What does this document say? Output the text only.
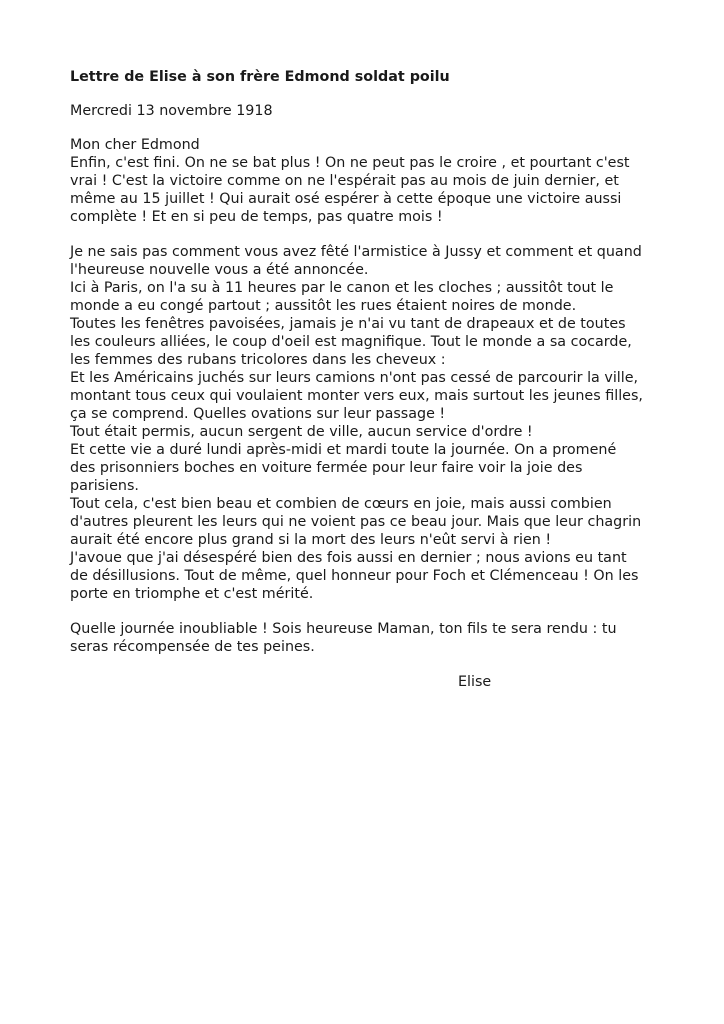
Lettre de Elise à son frère Edmond soldat poilu

Mercredi 13 novembre 1918

Mon cher Edmond

Enfin, c'est fini. On ne se bat plus ! On ne peut pas le croire , et pourtant c'est
vrai ! C'est la victoire comme on ne l'espérait pas au mois de juin dernier, et
même au 15 juillet ! Qui aurait osé espérer à cette époque une victoire aussi
complète ! Et en si peu de temps, pas quatre mois !
Je ne sais pas comment vous avez fêté l'armistice à Jussy et comment et quand
l'heureuse nouvelle vous a été annoncée.
Ici à Paris, on l'a su à 11 heures par le canon et les cloches ; aussitôt tout le
monde a eu congé partout ; aussitôt les rues étaient noires de monde.
Toutes les fenêtres pavoisées, jamais je n'ai vu tant de drapeaux et de toutes
les couleurs alliées, le coup d'oeil est magnifique. Tout le monde a sa cocarde,
les femmes des rubans tricolores dans les cheveux :
Et les Américains juchés sur leurs camions n'ont pas cessé de parcourir la ville,
montant tous ceux qui voulaient monter vers eux, mais surtout les jeunes filles,
ça se comprend. Quelles ovations sur leur passage !
Tout était permis, aucun sergent de ville, aucun service d'ordre !
Et cette vie a duré lundi après-midi et mardi toute la journée. On a promené
des prisonniers boches en voiture fermée pour leur faire voir la joie des
parisiens.
Tout cela, c'est bien beau et combien de cœurs en joie, mais aussi combien
d'autres pleurent les leurs qui ne voient pas ce beau jour. Mais que leur chagrin
aurait été encore plus grand si la mort des leurs n'eût servi à rien !
J'avoue que j'ai désespéré bien des fois aussi en dernier ; nous avions eu tant
de désillusions. Tout de même, quel honneur pour Foch et Clémenceau ! On les
porte en triomphe et c'est mérité.
Quelle journée inoubliable ! Sois heureuse Maman, ton fils te sera rendu : tu
seras récompensée de tes peines.

Elise
